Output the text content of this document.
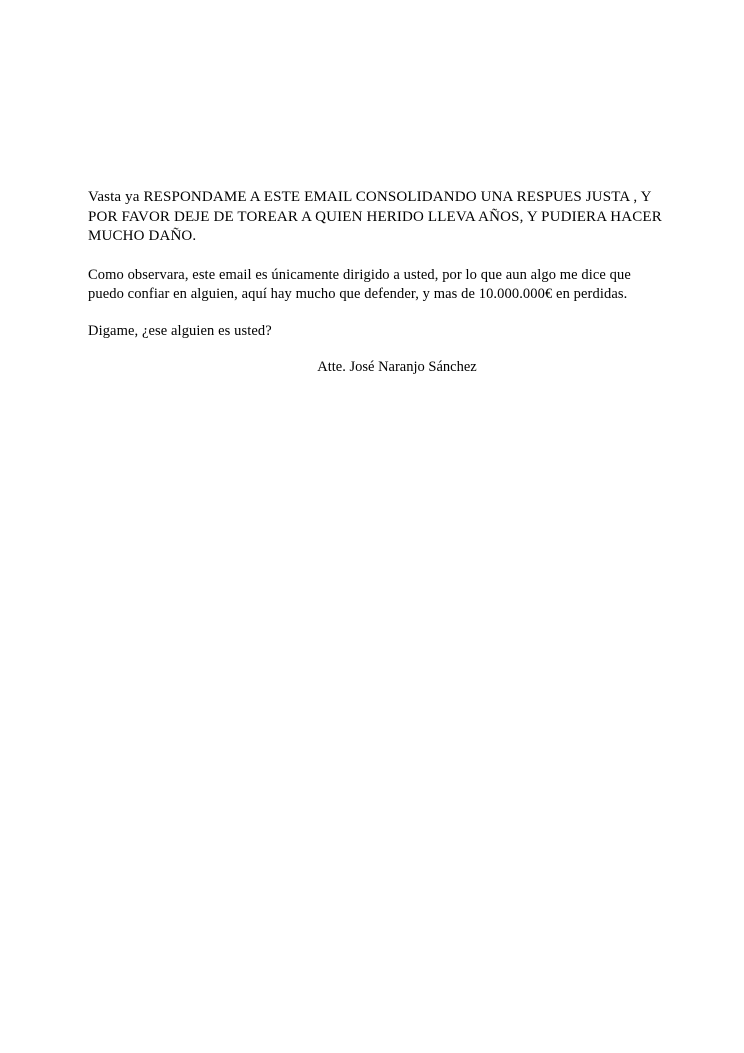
Vasta ya RESPONDAME A ESTE EMAIL CONSOLIDANDO UNA RESPUES JUSTA , Y POR FAVOR DEJE DE TOREAR A QUIEN HERIDO LLEVA AÑOS, Y PUDIERA HACER MUCHO DAÑO.

Como observara, este email es únicamente dirigido a usted, por lo que aun algo me dice que puedo confiar en alguien, aquí hay mucho que defender, y mas de 10.000.000€ en perdidas.

Digame, ¿ese alguien es usted?

Atte. José Naranjo Sánchez
